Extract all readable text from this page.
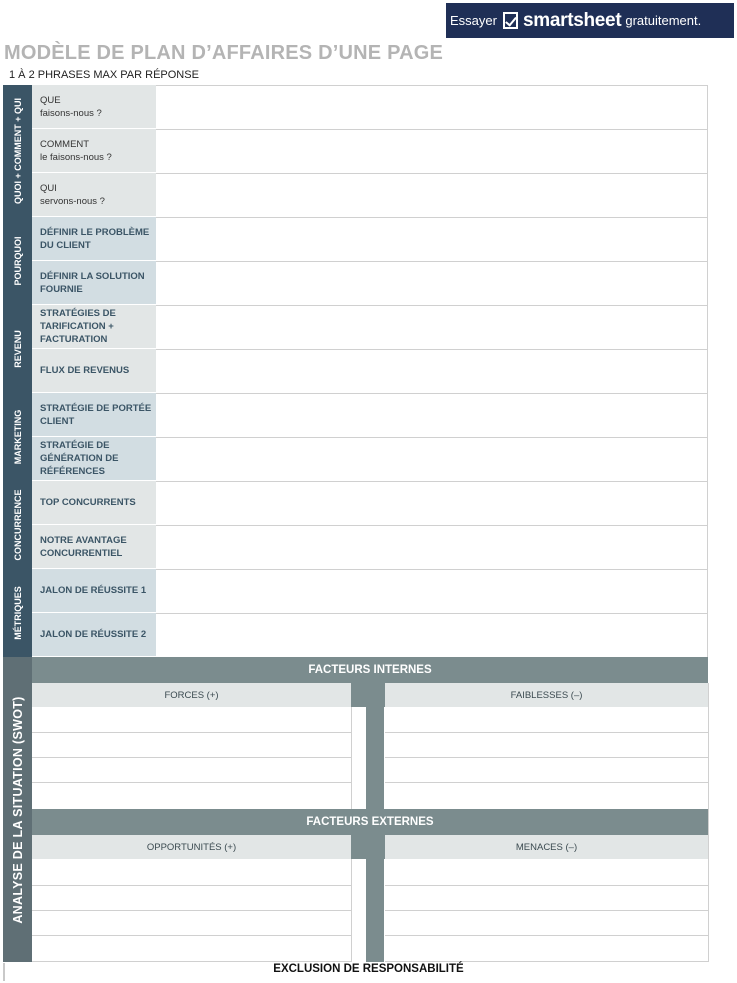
Essayer smartsheet gratuitement.
MODÈLE DE PLAN D’AFFAIRES D’UNE PAGE
1 À 2 PHRASES MAX PAR RÉPONSE
QUOI + COMMENT + QUI
POURQUOI
REVENU
MARKETING
CONCURRENCE
MÉTRIQUES
ANALYSE DE LA SITUATION (SWOT)
QUE
faisons-nous ?
COMMENT
le faisons-nous ?
QUI
servons-nous ?
DÉFINIR LE PROBLÈME
DU CLIENT
DÉFINIR LA SOLUTION
FOURNIE
STRATÉGIES DE
TARIFICATION +
FACTURATION
FLUX DE REVENUS
STRATÉGIE DE PORTÉE
CLIENT
STRATÉGIE DE
GÉNÉRATION DE
RÉFÉRENCES
TOP CONCURRENTS
NOTRE AVANTAGE
CONCURRENTIEL
JALON DE RÉUSSITE 1
JALON DE RÉUSSITE 2
FACTEURS INTERNES
FORCES (+)	FAIBLESSES (–)
FACTEURS EXTERNES
OPPORTUNITÉS (+)	MENACES (–)
EXCLUSION DE RESPONSABILITÉ
